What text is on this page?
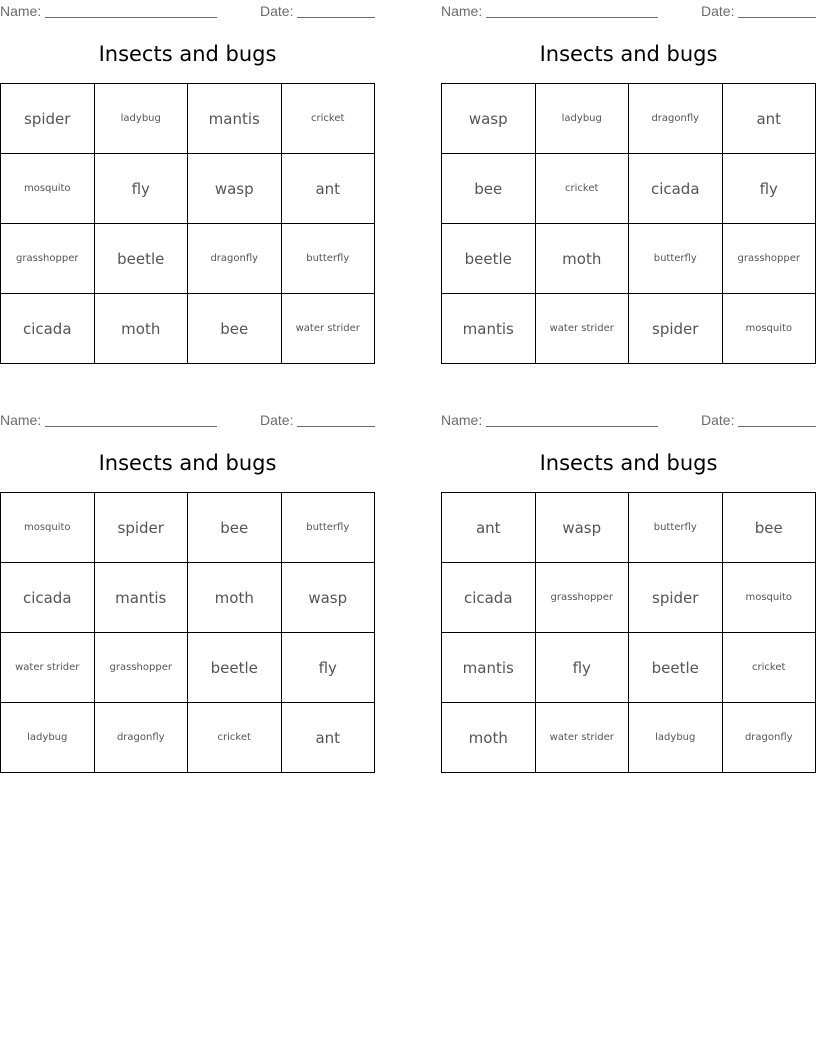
Name:	Date:
Insects and bugs
spider	ladybug	mantis	cricket
mosquito	fly	wasp	ant
grasshopper	beetle	dragonfly	butterfly
cicada	moth	bee	water strider
Name:	Date:
Insects and bugs
wasp	ladybug	dragonfly	ant
bee	cricket	cicada	fly
beetle	moth	butterfly	grasshopper
mantis	water strider	spider	mosquito
Name:	Date:
Insects and bugs
mosquito	spider	bee	butterfly
cicada	mantis	moth	wasp
water strider	grasshopper	beetle	fly
ladybug	dragonfly	cricket	ant
Name:	Date:
Insects and bugs
ant	wasp	butterfly	bee
cicada	grasshopper	spider	mosquito
mantis	fly	beetle	cricket
moth	water strider	ladybug	dragonfly
